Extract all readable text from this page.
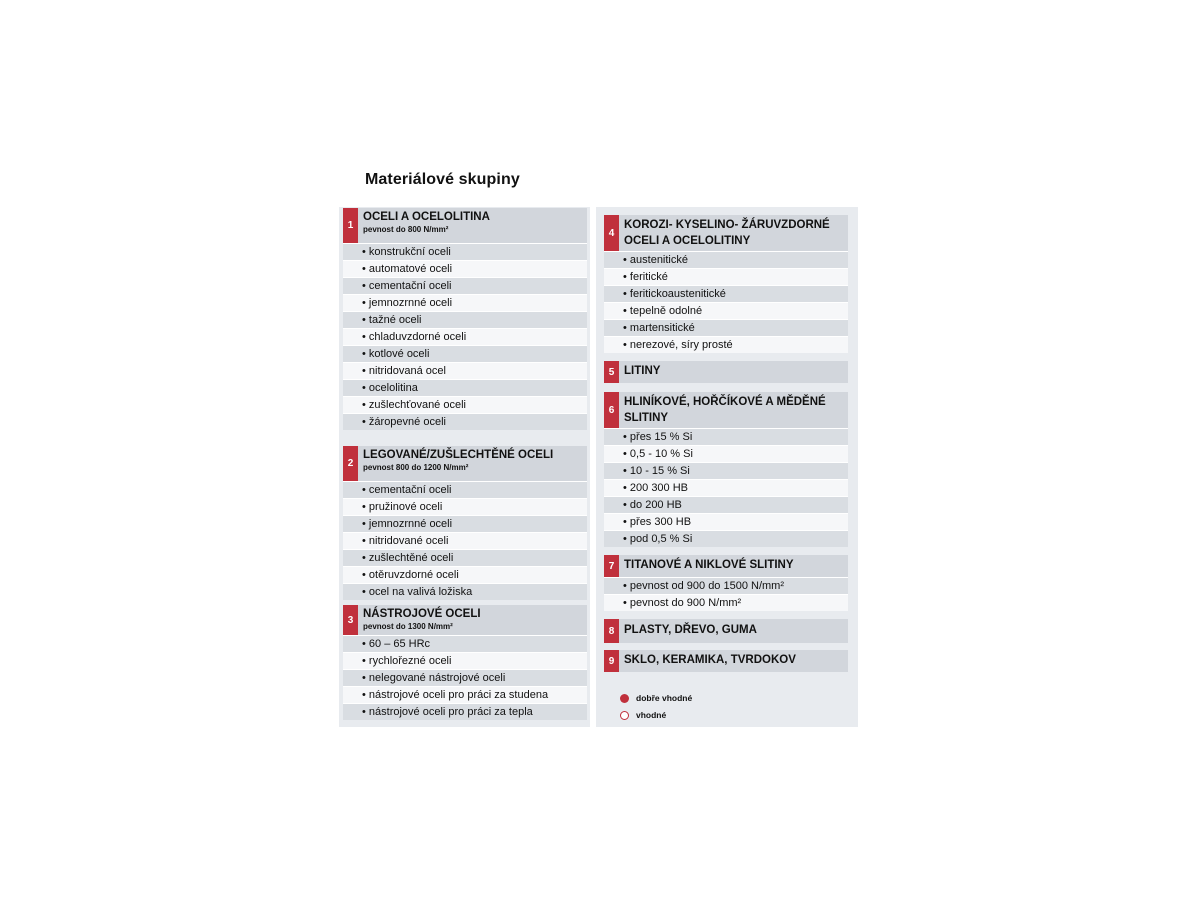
Materiálové skupiny
1
OCELI A OCELOLITINA
pevnost do 800 N/mm²
• konstrukční oceli
• automatové oceli
• cementační oceli
• jemnozrnné oceli
• tažné oceli
• chladuvzdorné oceli
• kotlové oceli
• nitridovaná ocel
• ocelolitina
• zušlechťované oceli
• žáropevné oceli
2
LEGOVANÉ/ZUŠLECHTĚNÉ OCELI
pevnost 800 do 1200 N/mm²
• cementační oceli
• pružinové oceli
• jemnozrnné oceli
• nitridované oceli
• zušlechtěné oceli
• otěruvzdorné oceli
• ocel na valivá ložiska
3 NÁSTROJOVÉ OCELI
pevnost do 1300 N/mm²
• 60 – 65 HRc
• rychlořezné oceli
• nelegované nástrojové oceli
• nástrojové oceli pro práci za studena
• nástrojové oceli pro práci za tepla
4
KOROZI- KYSELINO- ŽÁRUVZDORNÉ OCELI A OCELOLITINY
• austenitické
• feritické
• feritickoaustenitické
• tepelně odolné
• martensitické
• nerezové, síry prosté
5 LITINY
6
HLINÍKOVÉ, HOŘČÍKOVÉ A MĚDĚNÉ SLITINY
• přes 15 % Si
• 0,5 - 10 % Si
• 10 - 15 % Si
• 200 300 HB
• do 200 HB
• přes 300 HB
• pod 0,5 % Si
7 TITANOVÉ A NIKLOVÉ SLITINY
• pevnost od 900 do 1500 N/mm²
• pevnost do 900 N/mm²
8 PLASTY, DŘEVO, GUMA
9 SKLO, KERAMIKA, TVRDOKOV
dobře vhodné
vhodné
